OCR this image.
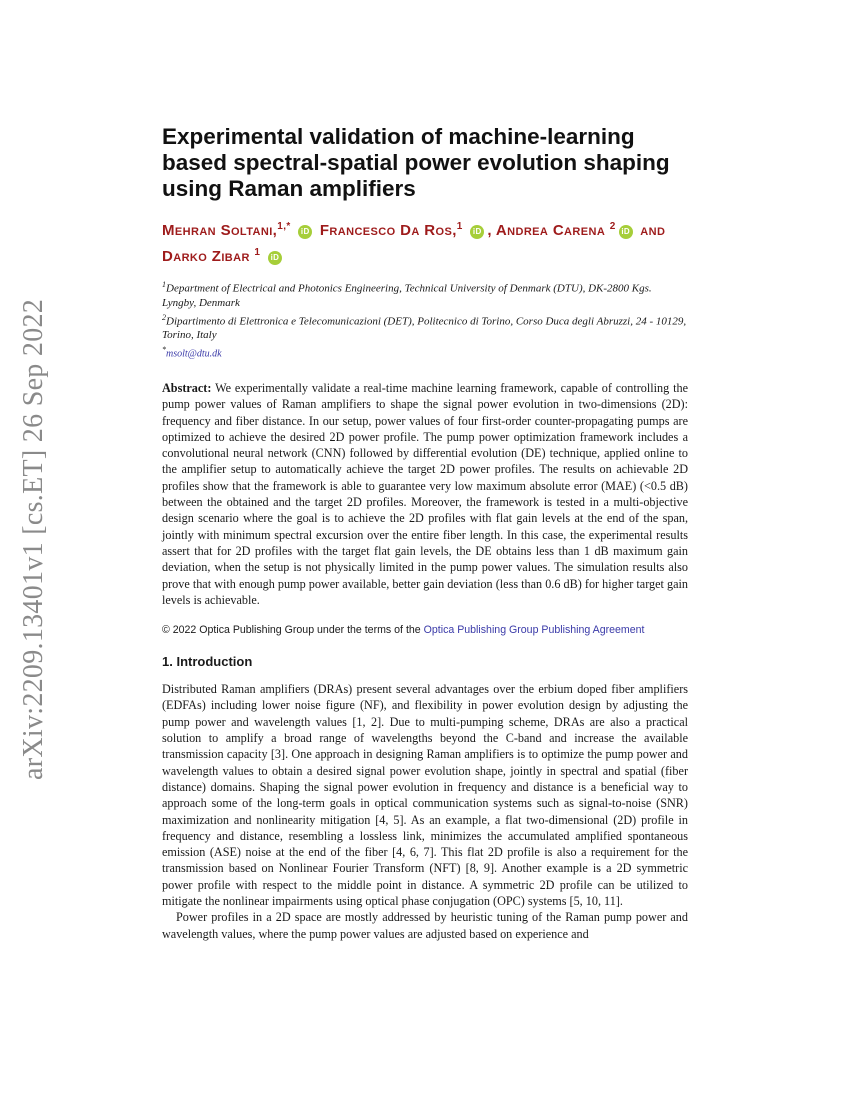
arXiv:2209.13401v1 [cs.ET] 26 Sep 2022
Experimental validation of machine-learning based spectral-spatial power evolution shaping using Raman amplifiers
Mehran Soltani,$^{1,*}$ iD Francesco Da Ros,$^1$ iD , Andrea Carena $^2$ iD and Darko Zibar $^1$ iD
$^1$Department of Electrical and Photonics Engineering, Technical University of Denmark (DTU), DK-2800 Kgs. Lyngby, Denmark
$^2$Dipartimento di Elettronica e Telecomunicazioni (DET), Politecnico di Torino, Corso Duca degli Abruzzi, 24 - 10129, Torino, Italy
*msolt@dtu.dk
Abstract: We experimentally validate a real-time machine learning framework, capable of controlling the pump power values of Raman amplifiers to shape the signal power evolution in two-dimensions (2D): frequency and fiber distance. In our setup, power values of four first-order counter-propagating pumps are optimized to achieve the desired 2D power profile. The pump power optimization framework includes a convolutional neural network (CNN) followed by differential evolution (DE) technique, applied online to the amplifier setup to automatically achieve the target 2D power profiles. The results on achievable 2D profiles show that the framework is able to guarantee very low maximum absolute error (MAE) (<0.5 dB) between the obtained and the target 2D profiles. Moreover, the framework is tested in a multi-objective design scenario where the goal is to achieve the 2D profiles with flat gain levels at the end of the span, jointly with minimum spectral excursion over the entire fiber length. In this case, the experimental results assert that for 2D profiles with the target flat gain levels, the DE obtains less than 1 dB maximum gain deviation, when the setup is not physically limited in the pump power values. The simulation results also prove that with enough pump power available, better gain deviation (less than 0.6 dB) for higher target gain levels is achievable.
© 2022 Optica Publishing Group under the terms of the Optica Publishing Group Publishing Agreement
1. Introduction

Distributed Raman amplifiers (DRAs) present several advantages over the erbium doped fiber amplifiers (EDFAs) including lower noise figure (NF), and flexibility in power evolution design by adjusting the pump power and wavelength values [1, 2]. Due to multi-pumping scheme, DRAs are also a practical solution to amplify a broad range of wavelengths beyond the C-band and increase the available transmission capacity [3]. One approach in designing Raman amplifiers is to optimize the pump power and wavelength values to obtain a desired signal power evolution shape, jointly in spectral and spatial (fiber distance) domains. Shaping the signal power evolution in frequency and distance is a beneficial way to approach some of the long-term goals in optical communication systems such as signal-to-noise (SNR) maximization and nonlinearity mitigation [4, 5]. As an example, a flat two-dimensional (2D) profile in frequency and distance, resembling a lossless link, minimizes the accumulated amplified spontaneous emission (ASE) noise at the end of the fiber [4, 6, 7]. This flat 2D profile is also a requirement for the transmission based on Nonlinear Fourier Transform (NFT) [8, 9]. Another example is a 2D symmetric power profile with respect to the middle point in distance. A symmetric 2D profile can be utilized to mitigate the nonlinear impairments using optical phase conjugation (OPC) systems [5, 10, 11].

Power profiles in a 2D space are mostly addressed by heuristic tuning of the Raman pump power and wavelength values, where the pump power values are adjusted based on experience and
